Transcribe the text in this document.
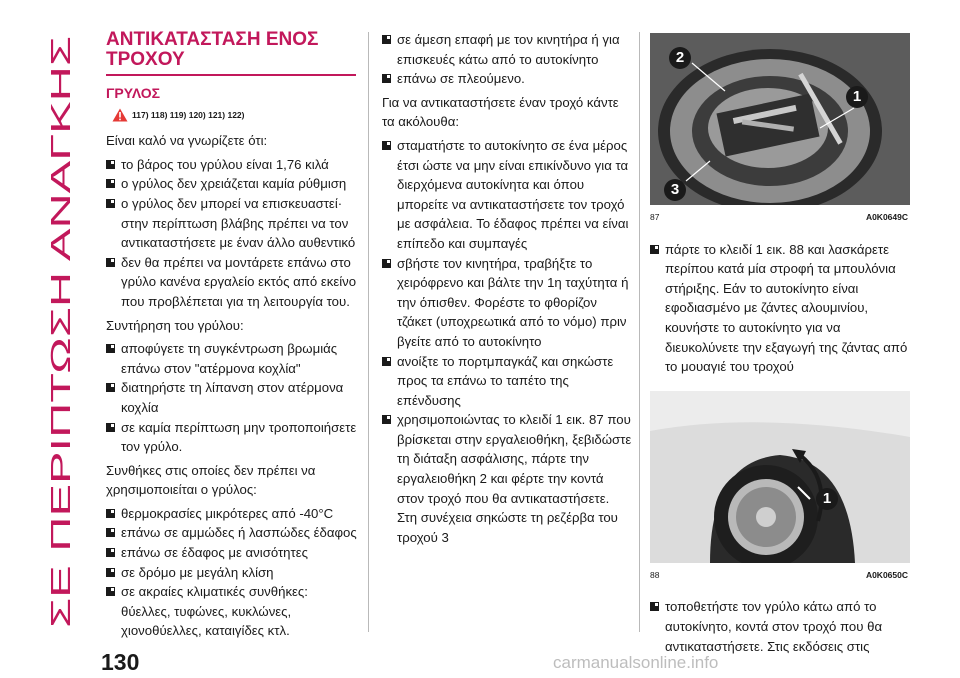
ΣΕ ΠΕΡΙΠΤΩΣΗ ΑΝΑΓΚΗΣ
ΑΝΤΙΚΑΤΑΣΤΑΣΗ ΕΝΟΣ
ΤΡΟΧΟΥ
ΓΡΥΛΟΣ
117) 118) 119) 120) 121) 122)

Είναι καλό να γνωρίζετε ότι:

το βάρος του γρύλου είναι 1,76 κιλά
ο γρύλος δεν χρειάζεται καμία ρύθμιση
ο γρύλος δεν μπορεί να επισκευαστεί· στην περίπτωση βλάβης πρέπει να τον αντικαταστήσετε με έναν άλλο αυθεντικό
δεν θα πρέπει να μοντάρετε επάνω στο γρύλο κανένα εργαλείο εκτός από εκείνο που προβλέπεται για τη λειτουργία του.

Συντήρηση του γρύλου:

αποφύγετε τη συγκέντρωση βρωμιάς επάνω στον "ατέρμονα κοχλία"
διατηρήστε τη λίπανση στον ατέρμονα κοχλία
σε καμία περίπτωση μην τροποποιήσετε τον γρύλο.

Συνθήκες στις οποίες δεν πρέπει να χρησιμοποιείται ο γρύλος:

θερμοκρασίες μικρότερες από -40°C
επάνω σε αμμώδες ή λασπώδες έδαφος
επάνω σε έδαφος με ανισότητες
σε δρόμο με μεγάλη κλίση
σε ακραίες κλιματικές συνθήκες: θύελλες, τυφώνες, κυκλώνες, χιονοθύελλες, καταιγίδες κτλ.
σε άμεση επαφή με τον κινητήρα ή για επισκευές κάτω από το αυτοκίνητο
επάνω σε πλεούμενο.

Για να αντικαταστήσετε έναν τροχό κάντε τα ακόλουθα:

σταματήστε το αυτοκίνητο σε ένα μέρος έτσι ώστε να μην είναι επικίνδυνο για τα διερχόμενα αυτοκίνητα και όπου μπορείτε να αντικαταστήσετε τον τροχό με ασφάλεια. Το έδαφος πρέπει να είναι επίπεδο και συμπαγές
σβήστε τον κινητήρα, τραβήξτε το χειρόφρενο και βάλτε την 1η ταχύτητα ή την όπισθεν. Φορέστε το φθορίζον τζάκετ (υποχρεωτικά από το νόμο) πριν βγείτε από το αυτοκίνητο
ανοίξτε το πορτμπαγκάζ και σηκώστε προς τα επάνω το ταπέτο της επένδυσης
χρησιμοποιώντας το κλειδί 1 εικ. 87 που βρίσκεται στην εργαλειοθήκη, ξεβιδώστε τη διάταξη ασφάλισης, πάρτε την εργαλειοθήκη 2 και φέρτε την κοντά στον τροχό που θα αντικαταστήσετε. Στη συνέχεια σηκώστε τη ρεζέρβα του τροχού 3
1
2
3
87	A0K0649C
πάρτε το κλειδί 1 εικ. 88 και λασκάρετε περίπου κατά μία στροφή τα μπουλόνια στήριξης. Εάν το αυτοκίνητο είναι εφοδιασμένο με ζάντες αλουμινίου, κουνήστε το αυτοκίνητο για να διευκολύνετε την εξαγωγή της ζάντας από το μουαγιέ του τροχού
1
88	A0K0650C
τοποθετήστε τον γρύλο κάτω από το αυτοκίνητο, κοντά στον τροχό που θα αντικαταστήσετε. Στις εκδόσεις στις
130	carmanualsonline.info
